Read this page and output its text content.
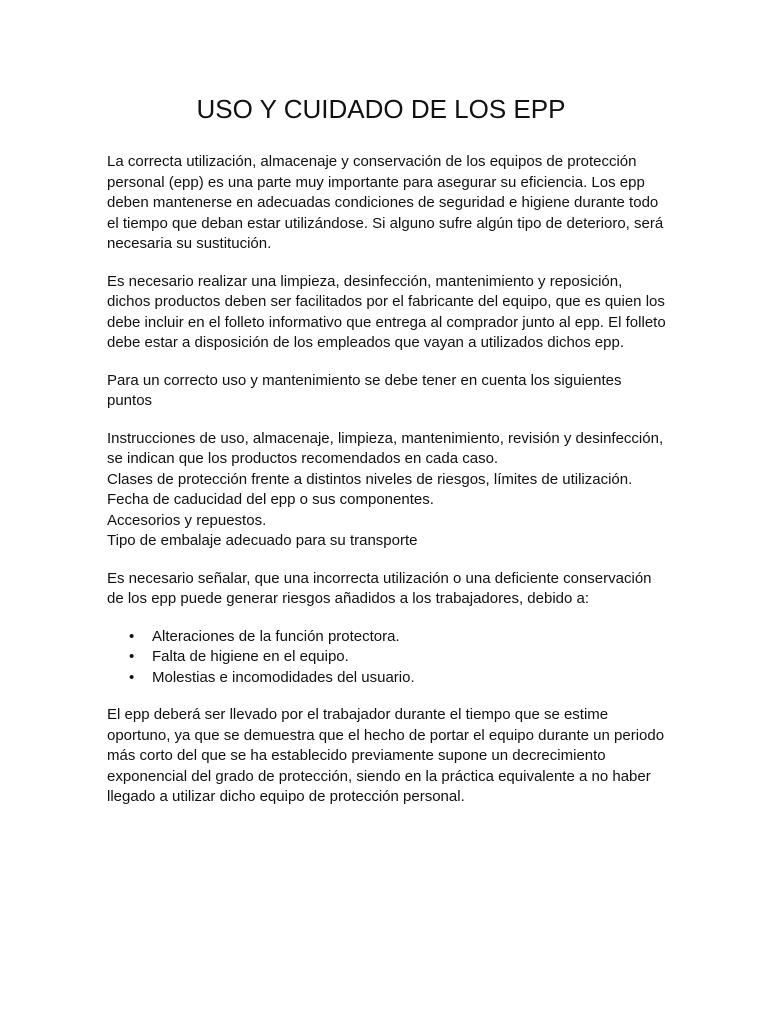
USO Y CUIDADO DE LOS EPP

La correcta utilización, almacenaje y conservación de los equipos de protección personal (epp) es una parte muy importante para asegurar su eficiencia. Los epp deben mantenerse en adecuadas condiciones de seguridad e higiene durante todo el tiempo que deban estar utilizándose. Si alguno sufre algún tipo de deterioro, será necesaria su sustitución.

Es necesario realizar una limpieza, desinfección, mantenimiento y reposición, dichos productos deben ser facilitados por el fabricante del equipo, que es quien los debe incluir en el folleto informativo que entrega al comprador junto al epp. El folleto debe estar a disposición de los empleados que vayan a utilizados dichos epp.

Para un correcto uso y mantenimiento se debe tener en cuenta los siguientes puntos

Instrucciones de uso, almacenaje, limpieza, mantenimiento, revisión y desinfección, se indican que los productos recomendados en cada caso.
Clases de protección frente a distintos niveles de riesgos, límites de utilización.
Fecha de caducidad del epp o sus componentes.
Accesorios y repuestos.
Tipo de embalaje adecuado para su transporte

Es necesario señalar, que una incorrecta utilización o una deficiente conservación de los epp puede generar riesgos añadidos a los trabajadores, debido a:

• Alteraciones de la función protectora.
• Falta de higiene en el equipo.
• Molestias e incomodidades del usuario.

El epp deberá ser llevado por el trabajador durante el tiempo que se estime oportuno, ya que se demuestra que el hecho de portar el equipo durante un periodo más corto del que se ha establecido previamente supone un decrecimiento exponencial del grado de protección, siendo en la práctica equivalente a no haber llegado a utilizar dicho equipo de protección personal.
